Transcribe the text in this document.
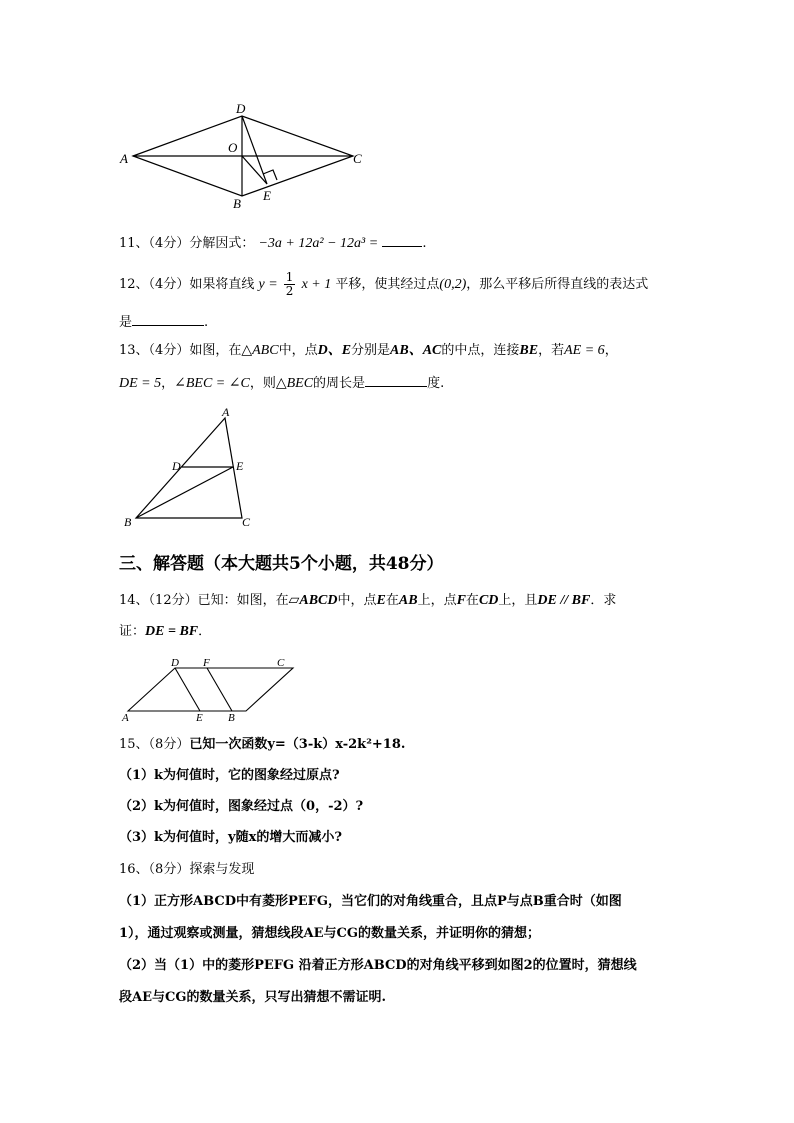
D
A
O
C
B
E
11、（4分）分解因式： −3a + 12a² − 12a³ =	.
12、（4分）如果将直线 $y = \frac{1}{2}$ x + 1 平移，使其经过点(0,2)，那么平移后所得直线的表达式
是	.
13、（4分）如图，在△ABC中，点D、E分别是AB、AC的中点，连接BE，若AE = 6，
DE = 5，∠BEC = ∠C，则△BEC的周长是	度.
A
D	E
B	C
三、解答题（本大题共5个小题，共48分）
14、（12分）已知：如图，在▱ABCD中，点E在AB上，点F在CD上，且DE // BF．求
证：DE = BF．
D F	C
A	E B
15、（8分）已知一次函数y=（3-k）x-2k²+18.
（1）k为何值时，它的图象经过原点?
（2）k为何值时，图象经过点（0，-2）?
（3）k为何值时，y随x的增大而减小?
16、（8分）探索与发现
（1）正方形ABCD中有菱形PEFG，当它们的对角线重合，且点P与点B重合时（如图
1），通过观察或测量，猜想线段AE与CG的数量关系，并证明你的猜想；
（2）当（1）中的菱形PEFG 沿着正方形ABCD的对角线平移到如图2的位置时，猜想线
段AE与CG的数量关系，只写出猜想不需证明.
